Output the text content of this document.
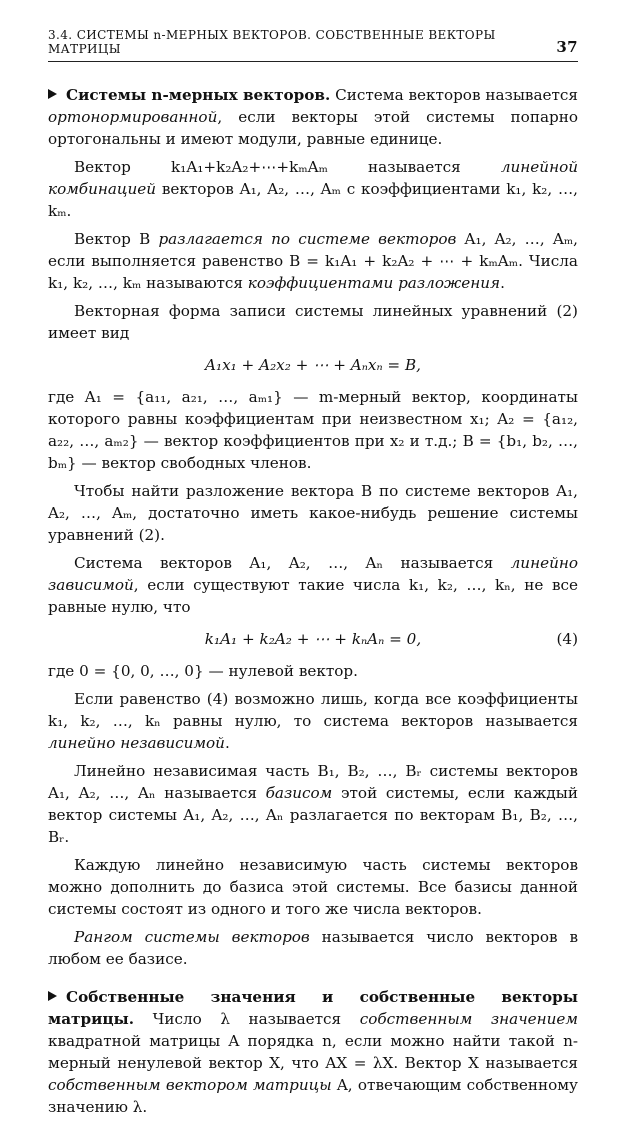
3.4. СИСТЕМЫ n-МЕРНЫХ ВЕКТОРОВ. СОБСТВЕННЫЕ ВЕКТОРЫ МАТРИЦЫ	37

Системы n-мерных векторов. Система векторов называется ортонормированной, если векторы этой системы попарно ортогональны и имеют модули, равные единице.

Вектор k₁A₁+k₂A₂+⋯+kₘAₘ называется линейной комбинацией векторов A₁, A₂, …, Aₘ с коэффициентами k₁, k₂, …, kₘ.

Вектор B разлагается по системе векторов A₁, A₂, …, Aₘ, если выполняется равенство B = k₁A₁ + k₂A₂ + ⋯ + kₘAₘ. Числа k₁, k₂, …, kₘ называются коэффициентами разложения.

Векторная форма записи системы линейных уравнений (2) имеет вид

A₁x₁ + A₂x₂ + ⋯ + Aₙxₙ = B,

где A₁ = {a₁₁, a₂₁, …, aₘ₁} — m-мерный вектор, координаты которого равны коэффициентам при неизвестном x₁; A₂ = {a₁₂, a₂₂, …, aₘ₂} — вектор коэффициентов при x₂ и т.д.; B = {b₁, b₂, …, bₘ} — вектор свободных членов.

Чтобы найти разложение вектора B по системе векторов A₁, A₂, …, Aₘ, достаточно иметь какое-нибудь решение системы уравнений (2).

Система векторов A₁, A₂, …, Aₙ называется линейно зависимой, если существуют такие числа k₁, k₂, …, kₙ, не все равные нулю, что

k₁A₁ + k₂A₂ + ⋯ + kₙAₙ = 0,	(4)

где 0 = {0, 0, …, 0} — нулевой вектор.

Если равенство (4) возможно лишь, когда все коэффициенты k₁, k₂, …, kₙ равны нулю, то система векторов называется линейно независимой.

Линейно независимая часть B₁, B₂, …, Bᵣ системы векторов A₁, A₂, …, Aₙ называется базисом этой системы, если каждый вектор системы A₁, A₂, …, Aₙ разлагается по векторам B₁, B₂, …, Bᵣ.

Каждую линейно независимую часть системы векторов можно дополнить до базиса этой системы. Все базисы данной системы состоят из одного и того же числа векторов.

Рангом системы векторов называется число векторов в любом ее базисе.

Собственные значения и собственные векторы матрицы. Число λ называется собственным значением квадратной матрицы A порядка n, если можно найти такой n-мерный ненулевой вектор X, что AX = λX. Вектор X называется собственным вектором матрицы A, отвечающим собственному значению λ.
